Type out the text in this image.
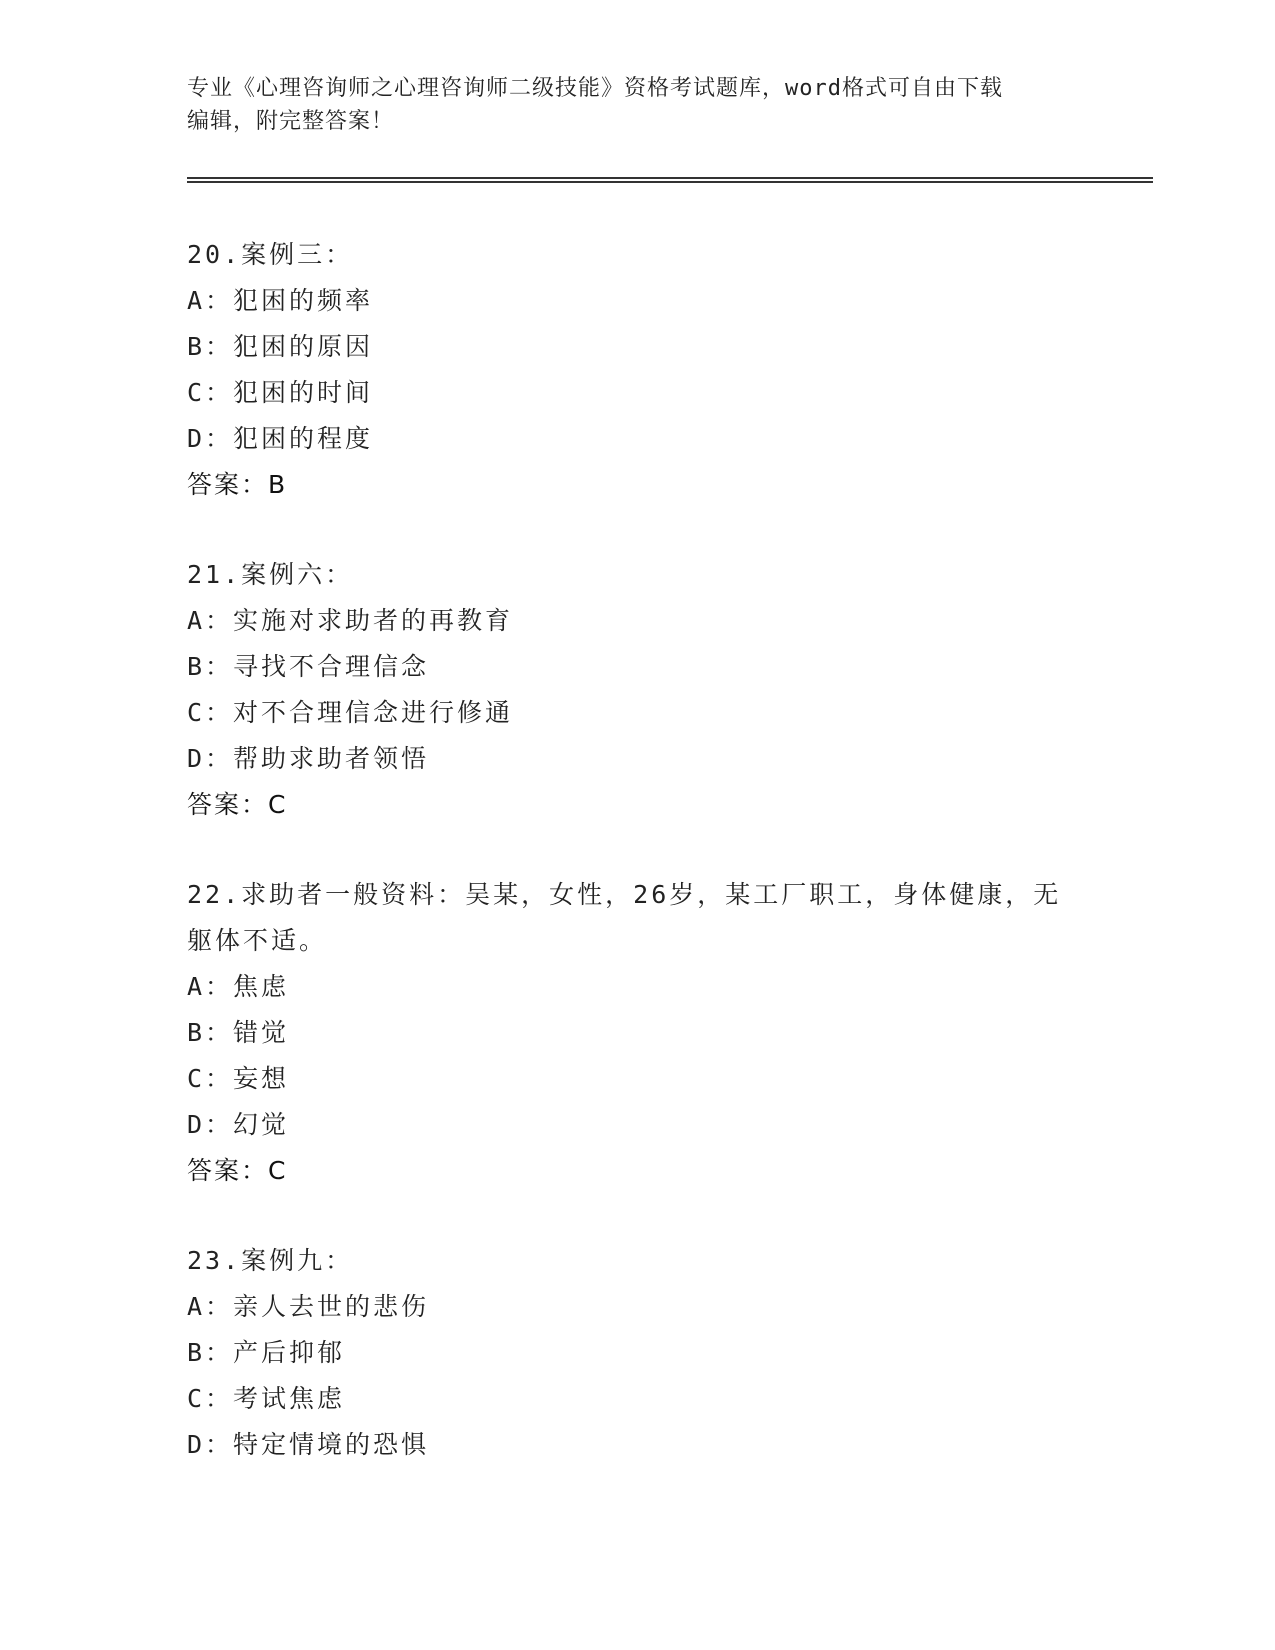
专业《心理咨询师之心理咨询师二级技能》资格考试题库，word格式可自由下载
编辑，附完整答案！
20.案例三：
A：犯困的频率
B：犯困的原因
C：犯困的时间
D：犯困的程度
答案：B
21.案例六：
A：实施对求助者的再教育
B：寻找不合理信念
C：对不合理信念进行修通
D：帮助求助者领悟
答案：C
22.求助者一般资料：吴某，女性，26岁，某工厂职工，身体健康，无躯体不适。
A：焦虑
B：错觉
C：妄想
D：幻觉
答案：C
23.案例九：
A：亲人去世的悲伤
B：产后抑郁
C：考试焦虑
D：特定情境的恐惧
